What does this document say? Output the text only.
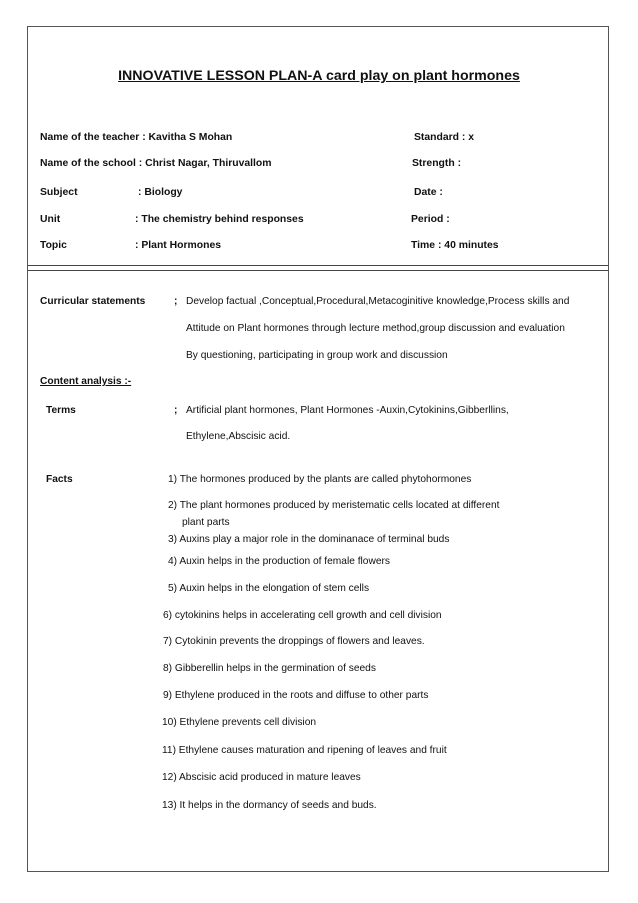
INNOVATIVE LESSON PLAN-A card play on plant hormones
Name of the teacher : Kavitha S Mohan	Standard : x
Name of the school : Christ Nagar, Thiruvallom	Strength :
Subject	: Biology	Date :
Unit	: The chemistry behind responses	Period :
Topic	: Plant Hormones	Time : 40 minutes
Curricular statements	; Develop factual ,Conceptual,Procedural,Metacoginitive knowledge,Process skills and
Attitude on Plant hormones through lecture method,group discussion and evaluation
By questioning, participating in group work and discussion
Content analysis :-
Terms	; Artificial plant hormones, Plant Hormones -Auxin,Cytokinins,Gibberllins,
Ethylene,Abscisic acid.
Facts	1) The hormones produced by the plants are called phytohormones
2) The plant hormones produced by meristematic cells located at different
plant parts
3) Auxins play a major role in the dominanace of terminal buds
4) Auxin helps in the production of female flowers
5) Auxin helps in the elongation of stem cells
6) cytokinins helps in accelerating cell growth and cell division
7) Cytokinin prevents the droppings of flowers and leaves.
8) Gibberellin helps in the germination of seeds
9) Ethylene produced in the roots and diffuse to other parts
10) Ethylene prevents cell division
11) Ethylene causes maturation and ripening of leaves and fruit
12) Abscisic acid produced in mature leaves
13) It helps in the dormancy of seeds and buds.
